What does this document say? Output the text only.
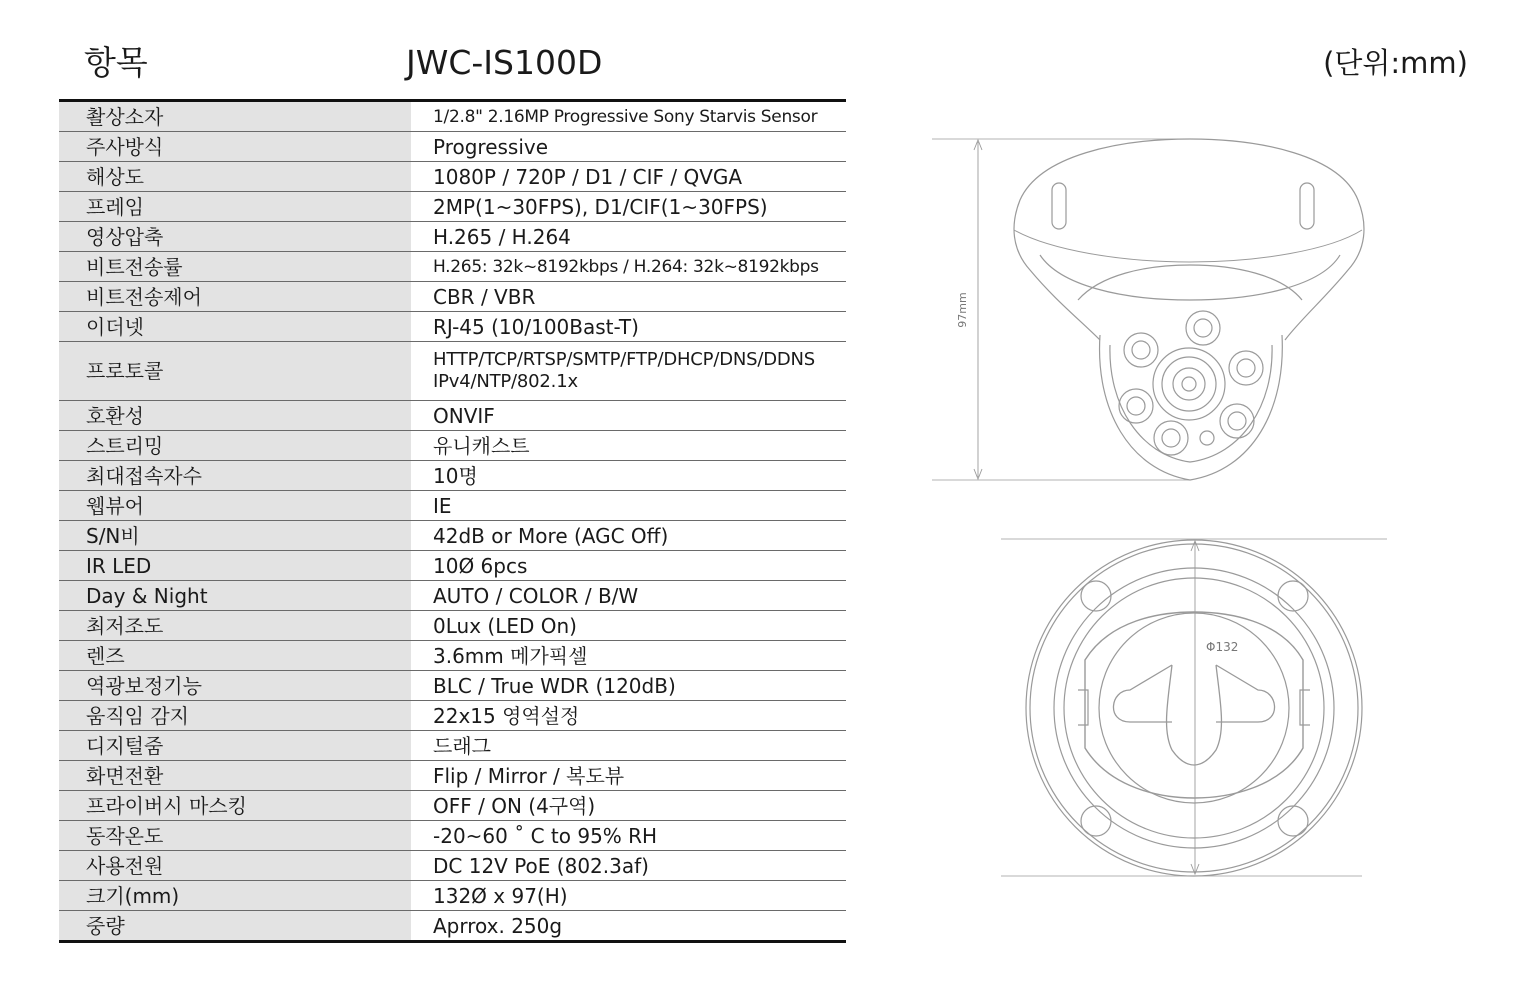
항목	JWC-IS100D	(단위:mm)
촬상소자	1/2.8" 2.16MP Progressive Sony Starvis Sensor
주사방식	Progressive
해상도	1080P / 720P / D1 / CIF / QVGA
프레임	2MP(1~30FPS), D1/CIF(1~30FPS)
영상압축	H.265 / H.264
비트전송률	H.265: 32k~8192kbps / H.264: 32k~8192kbps
비트전송제어	CBR / VBR
이더넷	RJ-45 (10/100Bast-T)
프로토콜	HTTP/TCP/RTSP/SMTP/FTP/DHCP/DNS/DDNS
IPv4/NTP/802.1x

호환성	ONVIF
스트리밍	유니캐스트
최대접속자수	10명
웹뷰어	IE
S/N비	42dB or More (AGC Off)
IR LED	10Ø 6pcs
Day & Night	AUTO / COLOR / B/W
최저조도	0Lux (LED On)
렌즈	3.6mm 메가픽셀
역광보정기능	BLC / True WDR (120dB)
움직임 감지	22x15 영역설정
디지털줌	드래그
화면전환	Flip / Mirror / 복도뷰
프라이버시 마스킹	OFF / ON (4구역)
동작온도	-20~60 ˚ C to 95% RH
사용전원	DC 12V PoE (802.3af)
크기(mm)	132Ø x 97(H)
중량	Aprrox. 250g
97mm
Φ132
